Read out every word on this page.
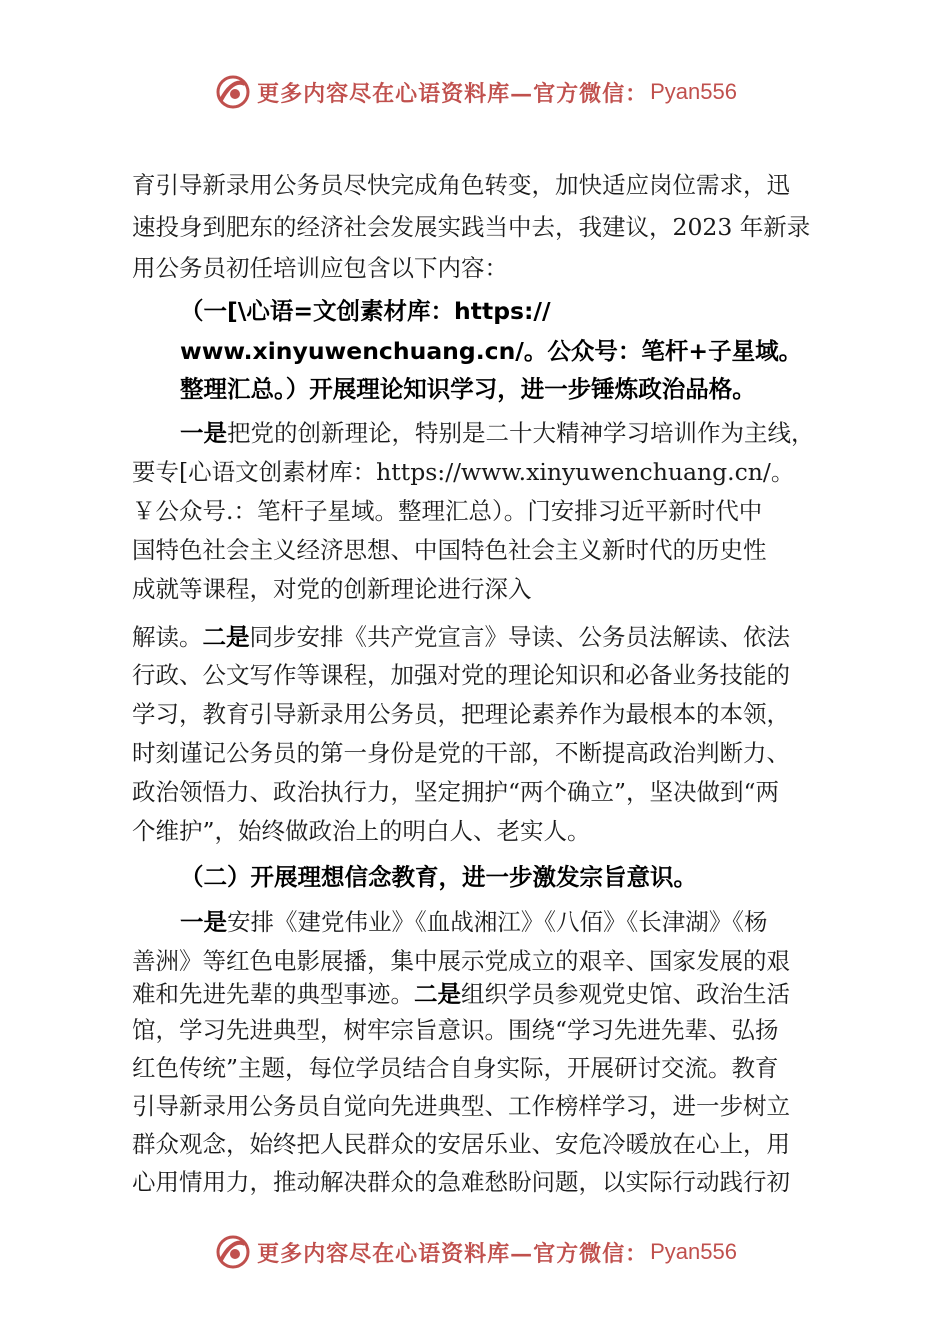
更多内容尽在心语资料库—官方微信： Pyan556
育引导新录用公务员尽快完成角色转变，加快适应岗位需求，迅
速投身到肥东的经济社会发展实践当中去，我建议，2023 年新录
用公务员初任培训应包含以下内容：
（一[\心语=文创素材库：https://
www.xinyuwenchuang.cn/。公众号：笔杆+子星域。
整理汇总。）开展理论知识学习，进一步锤炼政治品格。
一是把党的创新理论，特别是二十大精神学习培训作为主线，
要专[心语文创素材库：https://www.xinyuwenchuang.cn/。
￥公众号.：笔杆子星域。整理汇总）。门安排习近平新时代中
国特色社会主义经济思想、中国特色社会主义新时代的历史性
成就等课程，对党的创新理论进行深入
解读。二是同步安排《共产党宣言》导读、公务员法解读、依法
行政、公文写作等课程，加强对党的理论知识和必备业务技能的
学习，教育引导新录用公务员，把理论素养作为最根本的本领，
时刻谨记公务员的第一身份是党的干部，不断提高政治判断力、
政治领悟力、政治执行力，坚定拥护“两个确立”，坚决做到“两
个维护”，始终做政治上的明白人、老实人。
（二）开展理想信念教育，进一步激发宗旨意识。
一是安排《建党伟业》《血战湘江》《八佰》《长津湖》《杨
善洲》等红色电影展播，集中展示党成立的艰辛、国家发展的艰
难和先进先辈的典型事迹。二是组织学员参观党史馆、政治生活
馆，学习先进典型，树牢宗旨意识。围绕“学习先进先辈、弘扬
红色传统”主题，每位学员结合自身实际，开展研讨交流。教育
引导新录用公务员自觉向先进典型、工作榜样学习，进一步树立
群众观念，始终把人民群众的安居乐业、安危冷暖放在心上，用
心用情用力，推动解决群众的急难愁盼问题，以实际行动践行初
更多内容尽在心语资料库—官方微信： Pyan556
